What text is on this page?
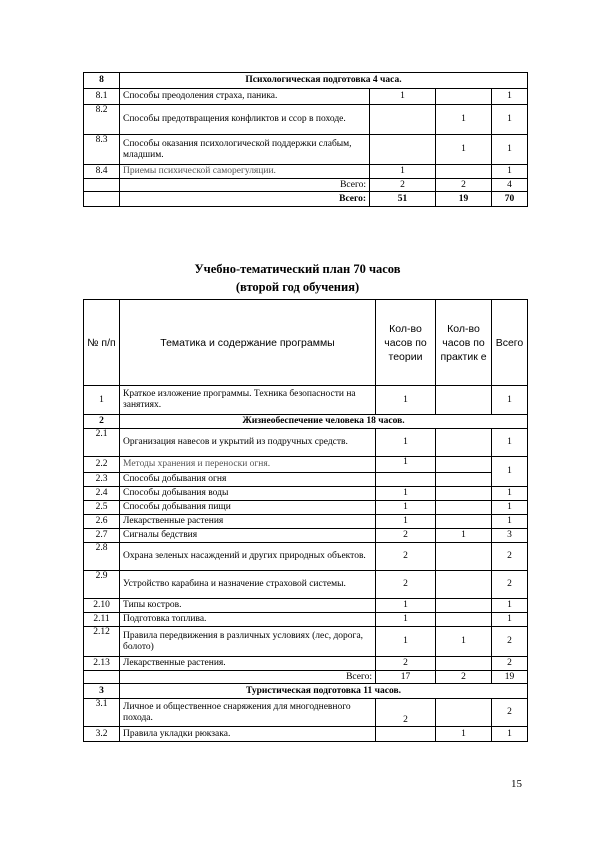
8	Психологическая подготовка 4 часа.			
8.1	Способы преодоления страха, паника.	1		1
8.2	Способы предотвращения конфликтов и ссор в походе.		1	1
8.3	Способы оказания психологической поддержки слабым, младшим.		1	1
8.4	Приемы психической саморегуляции.	1		1
	Всего:	2	2	4
	Всего:	51	19	70
Учебно-тематический план 70 часов
(второй год обучения)
№ п/п	Тематика и содержание программы	Кол-во часов по теории	Кол-во часов по практик е	Всего
1	Краткое изложение программы. Техника безопасности на занятиях.	1		1
2	Жизнеобеспечение человека 18 часов.			
2.1	Организация навесов и укрытий из подручных средств.	1		1
2.2	Методы хранения и переноски огня.	1		1
2.3	Способы добывания огня			
2.4	Способы добывания воды	1		1
2.5	Способы добывания пищи	1		1
2.6	Лекарственные растения	1		1
2.7	Сигналы бедствия	2	1	3
2.8	Охрана зеленых насаждений и других природных объектов.	2		2
2.9	Устройство карабина и назначение страховой системы.	2		2
2.10	Типы костров.	1		1
2.11	Подготовка топлива.	1		1
2.12	Правила передвижения в различных условиях (лес, дорога, болото)	1	1	2
2.13	Лекарственные растения.	2		2
	Всего:	17	2	19
3	Туристическая подготовка 11 часов.			
3.1	Личное и общественное снаряжения для многодневного похода.	2		2
3.2	Правила укладки рюкзака.		1	1
15
